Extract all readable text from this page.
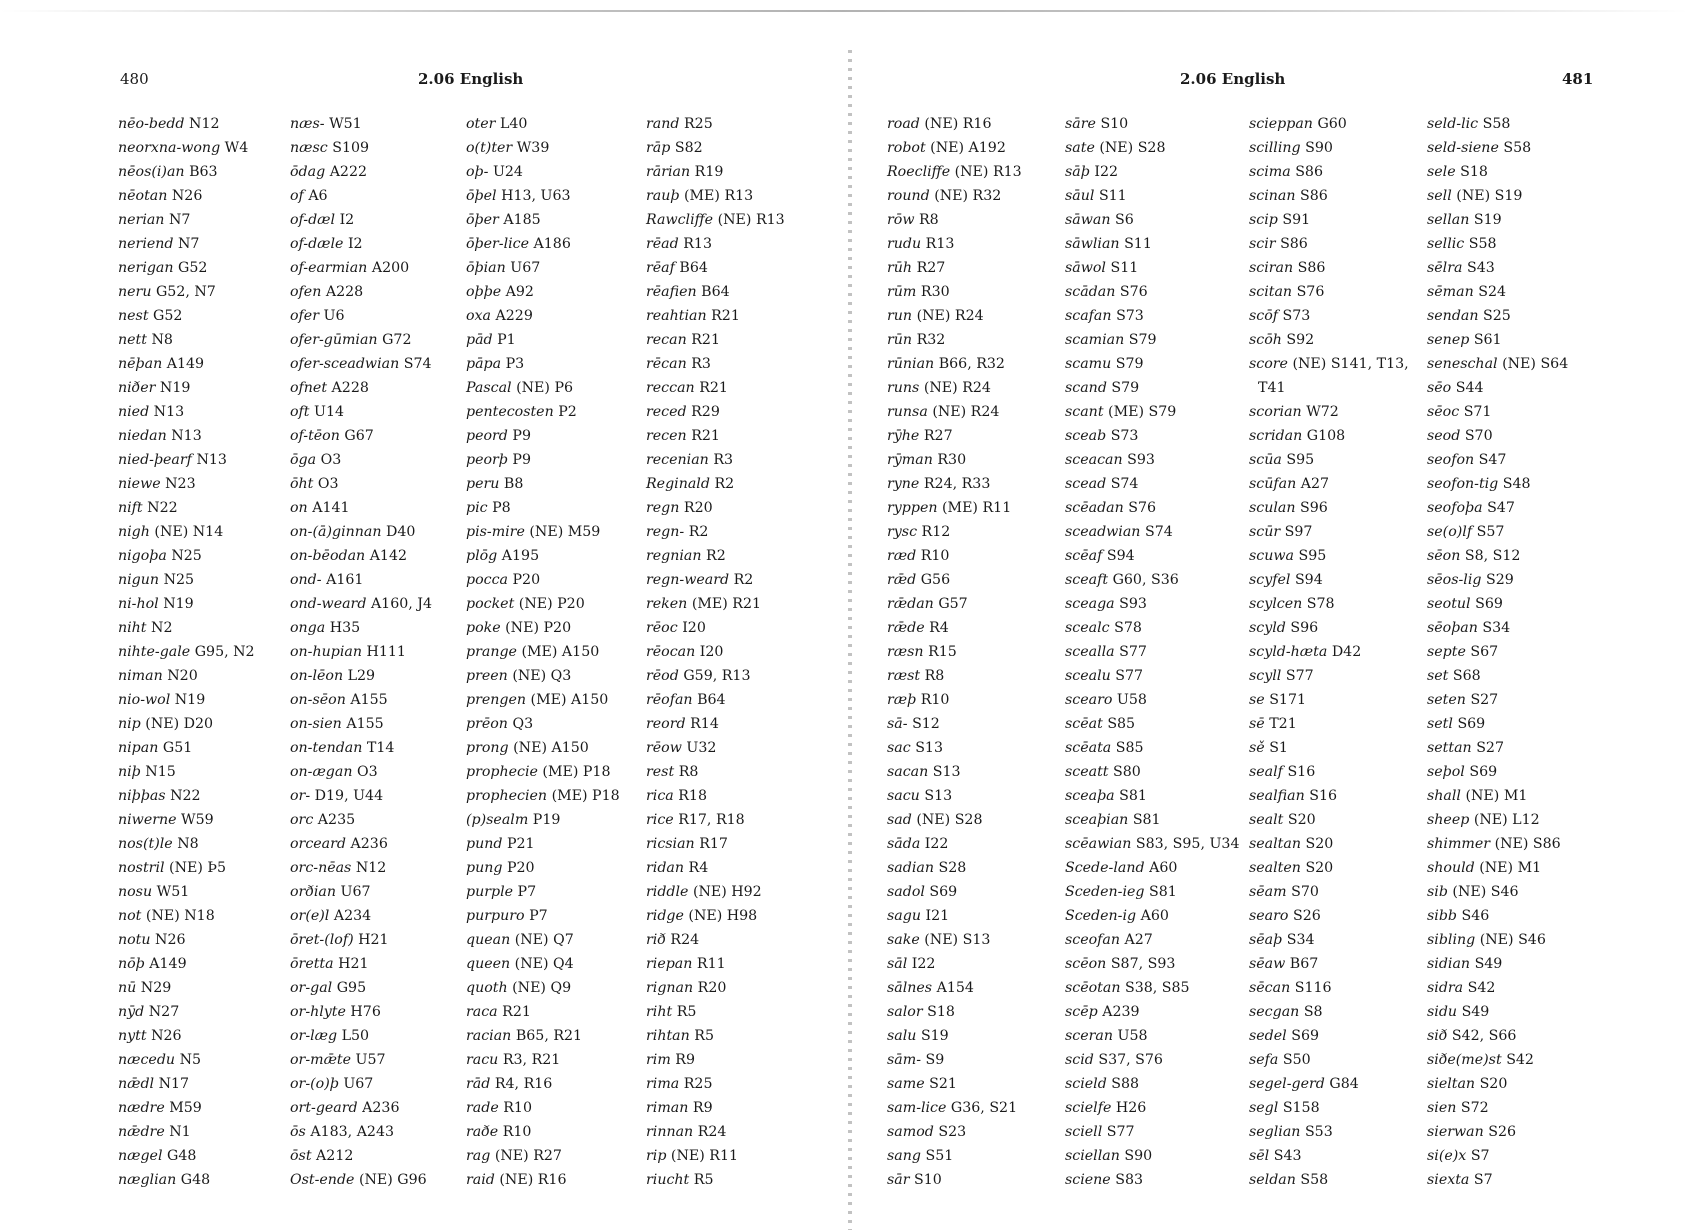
480	2.06 English
nēo-bedd N12
neorxna-wong W4
nēos(i)an B63
nēotan N26
nerian N7
neriend N7
nerigan G52
neru G52, N7
nest G52
nett N8
nēþan A149
niðer N19
nied N13
niedan N13
nied-þearf N13
niewe N23
nift N22
nigh (NE) N14
nigoþa N25
nigun N25
ni-hol N19
niht N2
nihte-gale G95, N2
niman N20
nio-wol N19
nip (NE) D20
nipan G51
niþ N15
niþþas N22
niwerne W59
nos(t)le N8
nostril (NE) Þ5
nosu W51
not (NE) N18
notu N26
nōþ A149
nū N29
nȳd N27
nytt N26
næcedu N5
nǣdl N17
nædre M59
nǣdre N1
nægel G48
næglian G48
næs- W51
næsc S109
ōdag A222
of A6
of-dæl I2
of-dæle I2
of-earmian A200
ofen A228
ofer U6
ofer-gūmian G72
ofer-sceadwian S74
ofnet A228
oft U14
of-tēon G67
ōga O3
ōht O3
on A141
on-(ā)ginnan D40
on-bēodan A142
ond- A161
ond-weard A160, J4
onga H35
on-hupian H111
on-lēon L29
on-sēon A155
on-sien A155
on-tendan T14
on-ægan O3
or- D19, U44
orc A235
orceard A236
orc-nēas N12
orðian U67
or(e)l A234
ōret-(lof) H21
ōretta H21
or-gal G95
or-hlyte H76
or-læg L50
or-mǣte U57
or-(o)þ U67
ort-geard A236
ōs A183, A243
ōst A212
Ost-ende (NE) G96
oter L40
o(t)ter W39
oþ- U24
ōþel H13, U63
ōþer A185
ōþer-lice A186
ōþian U67
oþþe A92
oxa A229
pād P1
pāpa P3
Pascal (NE) P6
pentecosten P2
peord P9
peorþ P9
peru B8
pic P8
pis-mire (NE) M59
plōg A195
pocca P20
pocket (NE) P20
poke (NE) P20
prange (ME) A150
preen (NE) Q3
prengen (ME) A150
prēon Q3
prong (NE) A150
prophecie (ME) P18
prophecien (ME) P18
(p)sealm P19
pund P21
pung P20
purple P7
purpuro P7
quean (NE) Q7
queen (NE) Q4
quoth (NE) Q9
raca R21
racian B65, R21
racu R3, R21
rād R4, R16
rade R10
raðe R10
rag (NE) R27
raid (NE) R16
rand R25
rāp S82
rārian R19
rauþ (ME) R13
Rawcliffe (NE) R13
rēad R13
rēaf B64
rēafien B64
reahtian R21
recan R21
rēcan R3
reccan R21
reced R29
recen R21
recenian R3
Reginald R2
regn R20
regn- R2
regnian R2
regn-weard R2
reken (ME) R21
rēoc I20
rēocan I20
rēod G59, R13
rēofan B64
reord R14
rēow U32
rest R8
rica R18
rice R17, R18
ricsian R17
ridan R4
riddle (NE) H92
ridge (NE) H98
rið R24
riepan R11
rignan R20
riht R5
rihtan R5
rim R9
rima R25
riman R9
rinnan R24
rip (NE) R11
riucht R5
2.06 English	481
road (NE) R16
robot (NE) A192
Roecliffe (NE) R13
round (NE) R32
rōw R8
rudu R13
rūh R27
rūm R30
run (NE) R24
rūn R32
rūnian B66, R32
runs (NE) R24
runsa (NE) R24
rȳhe R27
rȳman R30
ryne R24, R33
ryppen (ME) R11
rysc R12
ræd R10
rǣd G56
rǣdan G57
rǣde R4
ræsn R15
ræst R8
ræþ R10
sā- S12
sac S13
sacan S13
sacu S13
sad (NE) S28
sāda I22
sadian S28
sadol S69
sagu I21
sake (NE) S13
sāl I22
sālnes A154
salor S18
salu S19
sām- S9
same S21
sam-lice G36, S21
samod S23
sang S51
sār S10
sāre S10
sate (NE) S28
sāþ I22
sāul S11
sāwan S6
sāwlian S11
sāwol S11
scādan S76
scafan S73
scamian S79
scamu S79
scand S79
scant (ME) S79
sceab S73
sceacan S93
scead S74
scēadan S76
sceadwian S74
scēaf S94
sceaft G60, S36
sceaga S93
scealc S78
scealla S77
scealu S77
scearo U58
scēat S85
scēata S85
sceatt S80
sceaþa S81
sceaþian S81
scēawian S83, S95, U34
Scede-land A60
Sceden-ieg S81
Sceden-ig A60
sceofan A27
scēon S87, S93
scēotan S38, S85
scēp A239
sceran U58
scid S37, S76
scield S88
scielfe H26
sciell S77
sciellan S90
sciene S83
scieppan G60
scilling S90
scima S86
scinan S86
scip S91
scir S86
sciran S86
scitan S76
scōf S73
scōh S92
score (NE) S141, T13,
T41
scorian W72
scridan G108
scūa S95
scūfan A27
sculan S96
scūr S97
scuwa S95
scyfel S94
scylcen S78
scyld S96
scyld-hæta D42
scyll S77
se S171
sē T21
sě S1
sealf S16
sealfian S16
sealt S20
sealtan S20
sealten S20
sēam S70
searo S26
sēaþ S34
sēaw B67
sēcan S116
secgan S8
sedel S69
sefa S50
segel-gerd G84
segl S158
seglian S53
sēl S43
seldan S58
seld-lic S58
seld-siene S58
sele S18
sell (NE) S19
sellan S19
sellic S58
sēlra S43
sēman S24
sendan S25
senep S61
seneschal (NE) S64
sēo S44
sēoc S71
seod S70
seofon S47
seofon-tig S48
seofoþa S47
se(o)lf S57
sēon S8, S12
sēos-lig S29
seotul S69
sēoþan S34
septe S67
set S68
seten S27
setl S69
settan S27
seþol S69
shall (NE) M1
sheep (NE) L12
shimmer (NE) S86
should (NE) M1
sib (NE) S46
sibb S46
sibling (NE) S46
sidian S49
sidra S42
sidu S49
sið S42, S66
siðe(me)st S42
sieltan S20
sien S72
sierwan S26
si(e)x S7
siexta S7
